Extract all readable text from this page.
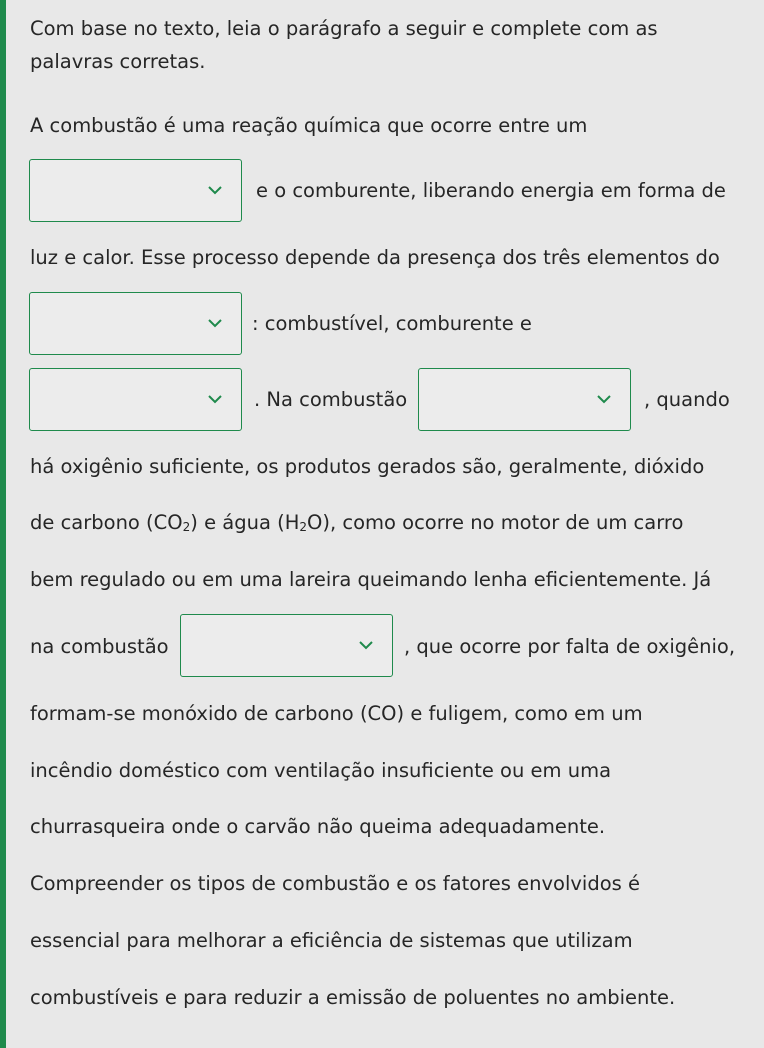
Com base no texto, leia o parágrafo a seguir e complete com as
palavras corretas.
A combustão é uma reação química que ocorre entre um
e o comburente, liberando energia em forma de
luz e calor. Esse processo depende da presença dos três elementos do
: combustível, comburente e
. Na combustão	, quando
há oxigênio suficiente, os produtos gerados são, geralmente, dióxido
de carbono $(CO_2)$ e água $(H_2O)$, como ocorre no motor de um carro
bem regulado ou em uma lareira queimando lenha eficientemente. Já
na combustão	, que ocorre por falta de oxigênio,
formam-se monóxido de carbono (CO) e fuligem, como em um
incêndio doméstico com ventilação insuficiente ou em uma
churrasqueira onde o carvão não queima adequadamente.
Compreender os tipos de combustão e os fatores envolvidos é
essencial para melhorar a eficiência de sistemas que utilizam
combustíveis e para reduzir a emissão de poluentes no ambiente.
